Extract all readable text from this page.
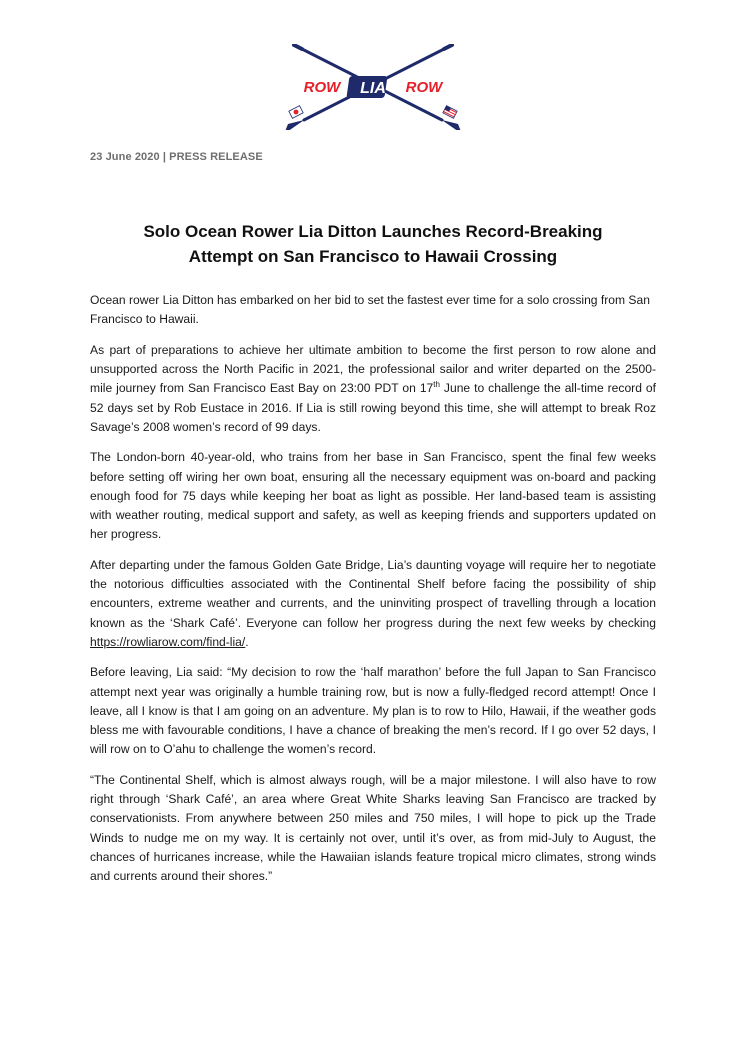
LIA
ROW	ROW
23 June 2020 | PRESS RELEASE
Solo Ocean Rower Lia Ditton Launches Record-Breaking
Attempt on San Francisco to Hawaii Crossing

Ocean rower Lia Ditton has embarked on her bid to set the fastest ever time for a solo crossing from San Francisco to Hawaii.

As part of preparations to achieve her ultimate ambition to become the first person to row alone and unsupported across the North Pacific in 2021, the professional sailor and writer departed on the 2500-mile journey from San Francisco East Bay on 23:00 PDT on 17th June to challenge the all-time record of 52 days set by Rob Eustace in 2016. If Lia is still rowing beyond this time, she will attempt to break Roz Savage’s 2008 women’s record of 99 days.

The London-born 40-year-old, who trains from her base in San Francisco, spent the final few weeks before setting off wiring her own boat, ensuring all the necessary equipment was on-board and packing enough food for 75 days while keeping her boat as light as possible. Her land-based team is assisting with weather routing, medical support and safety, as well as keeping friends and supporters updated on her progress.

After departing under the famous Golden Gate Bridge, Lia’s daunting voyage will require her to negotiate the notorious difficulties associated with the Continental Shelf before facing the possibility of ship encounters, extreme weather and currents, and the uninviting prospect of travelling through a location known as the ‘Shark Café’. Everyone can follow her progress during the next few weeks by checking https://rowliarow.com/find-lia/.

Before leaving, Lia said: “My decision to row the ‘half marathon’ before the full Japan to San Francisco attempt next year was originally a humble training row, but is now a fully-fledged record attempt! Once I leave, all I know is that I am going on an adventure. My plan is to row to Hilo, Hawaii, if the weather gods bless me with favourable conditions, I have a chance of breaking the men’s record. If I go over 52 days, I will row on to O’ahu to challenge the women’s record.

“The Continental Shelf, which is almost always rough, will be a major milestone. I will also have to row right through ‘Shark Café’, an area where Great White Sharks leaving San Francisco are tracked by conservationists. From anywhere between 250 miles and 750 miles, I will hope to pick up the Trade Winds to nudge me on my way. It is certainly not over, until it’s over, as from mid-July to August, the chances of hurricanes increase, while the Hawaiian islands feature tropical micro climates, strong winds and currents around their shores.”
